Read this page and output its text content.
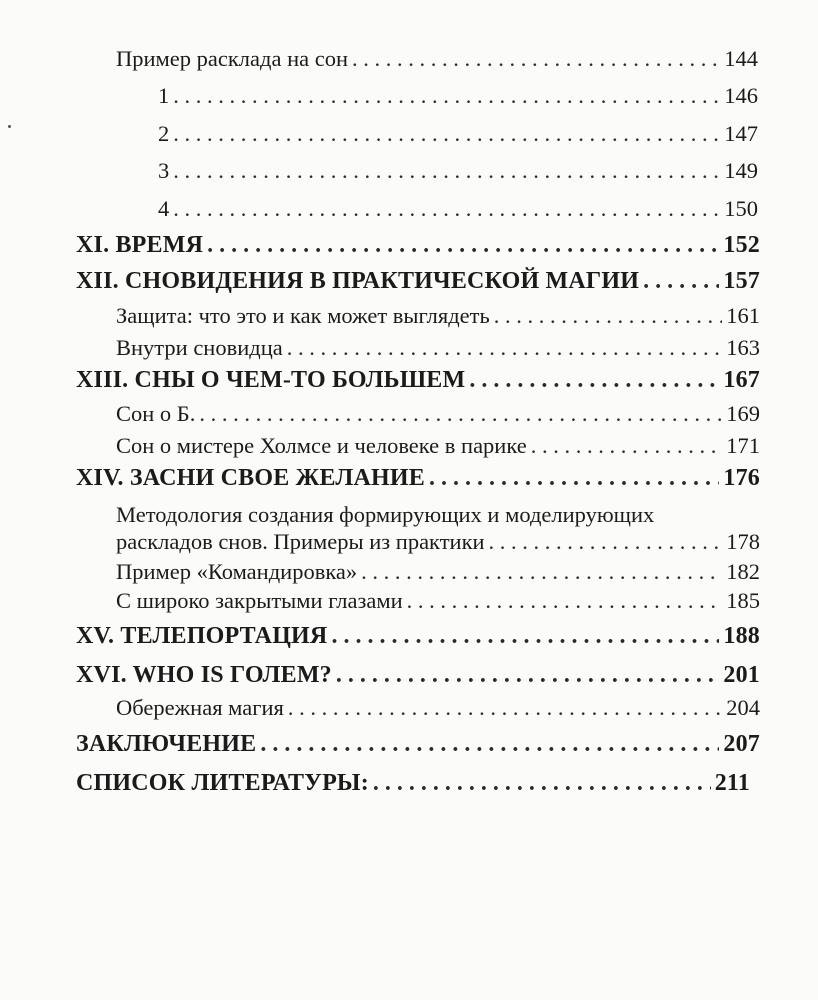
Пример расклада на сон . . .	144
1 . . .	146
2 . . .	147
3 . . .	149
4 . . .	150
XI. ВРЕМЯ . . .	152
XII. СНОВИДЕНИЯ В ПРАКТИЧЕСКОЙ МАГИИ . . .	157
Защита: что это и как может выглядеть . . .	161
Внутри сновидца . . .	163
XIII. СНЫ О ЧЕМ-ТО БОЛЬШЕМ . . .	167
Сон о Б. . . .	169
Сон о мистере Холмсе и человеке в парике . . .	171
XIV. ЗАСНИ СВОЕ ЖЕЛАНИЕ . . .	176
Методология создания формирующих и моделирующих
раскладов снов. Примеры из практики . . .	178
Пример «Командировка» . . .	182
С широко закрытыми глазами . . .	185
XV. ТЕЛЕПОРТАЦИЯ . . .	188
XVI. WHO IS ГОЛЕМ? . . .	201
Обережная магия . . .	204
ЗАКЛЮЧЕНИЕ . . .	207
СПИСОК ЛИТЕРАТУРЫ: . . .	211
